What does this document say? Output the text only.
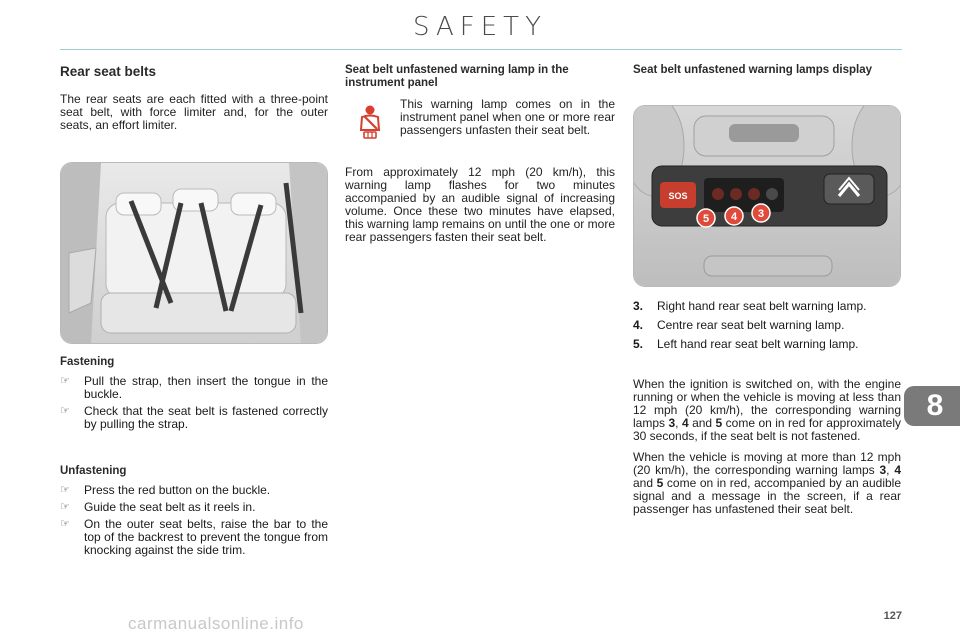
SAFETY
Rear seat belts

The rear seats are each fitted with a three-point seat belt, with force limiter and, for the outer seats, an effort limiter.

Fastening
☞ Pull the strap, then insert the tongue in the buckle.
☞ Check that the seat belt is fastened correctly by pulling the strap.
Unfastening
☞ Press the red button on the buckle.
☞ Guide the seat belt as it reels in.
☞ On the outer seat belts, raise the bar to the top of the backrest to prevent the tongue from knocking against the side trim.
Seat belt unfastened warning lamp in the instrument panel

This warning lamp comes on in the instrument panel when one or more rear passengers unfasten their seat belt.

From approximately 12 mph (20 km/h), this warning lamp flashes for two minutes accompanied by an audible signal of increasing volume. Once these two minutes have elapsed, this warning lamp remains on until the one or more rear passengers fasten their seat belt.

Seat belt unfastened warning lamps display
SOS
5 4 3
3. Right hand rear seat belt warning lamp.
4. Centre rear seat belt warning lamp.
5. Left hand rear seat belt warning lamp.

When the ignition is switched on, with the engine running or when the vehicle is moving at less than 12 mph (20 km/h), the corresponding warning lamps 3, 4 and 5 come on in red for approximately 30 seconds, if the seat belt is not fastened.

When the vehicle is moving at more than 12 mph (20 km/h), the corresponding warning lamps 3, 4 and 5 come on in red, accompanied by an audible signal and a message in the screen, if a rear passenger has unfastened their seat belt.

8
127
carmanualsonline.info
